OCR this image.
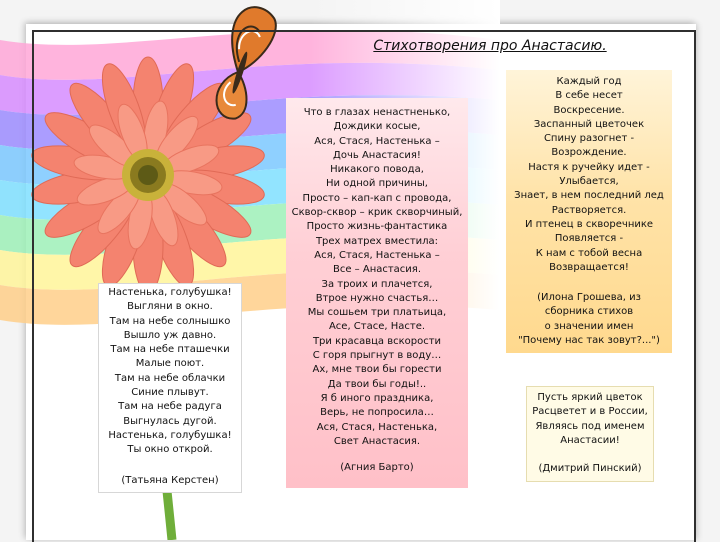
Стихотворения про Анастасию.
Настенька, голубушка!
Выгляни в окно.
Там на небе солнышко
Вышло уж давно.
Там на небе пташечки
Малые поют.
Там на небе облачки
Синие плывут.
Там на небе радуга
Выгнулась дугой.
Настенька, голубушка!
Ты окно открой.
(Татьяна Керстен)
Что в глазах ненастненько,
Дождики косые,
Ася, Стася, Настенька –
Дочь Анастасия!
Никакого повода,
Ни одной причины,
Просто – кап-кап с провода,
Сквор-сквор – крик скворчиный,
Просто жизнь-фантастика
Трех матрех вместила:
Ася, Стася, Настенька –
Все – Анастасия.
За троих и плачется,
Втрое нужно счастья…
Мы сошьем три платьица,
Асе, Стасе, Насте.
Три красавца вскорости
С горя прыгнут в воду…
Ах, мне твои бы горести
Да твои бы годы!..
Я б иного праздника,
Верь, не попросила…
Ася, Стася, Настенька,
Свет Анастасия.
(Агния Барто)
Каждый год
В себе несет
Воскресение.
Заспанный цветочек
Спину разогнет -
Возрождение.
Настя к ручейку идет -
Улыбается,
Знает, в нем последний лед
Растворяется.
И птенец в скворечнике
Появляется -
К нам с тобой весна
Возвращается!
(Илона Грошева, из
сборника стихов
о значении имен
"Почему нас так зовут?...")
Пусть яркий цветок
Расцветет и в России,
Являясь под именем
Анастасии!
(Дмитрий Пинский)
